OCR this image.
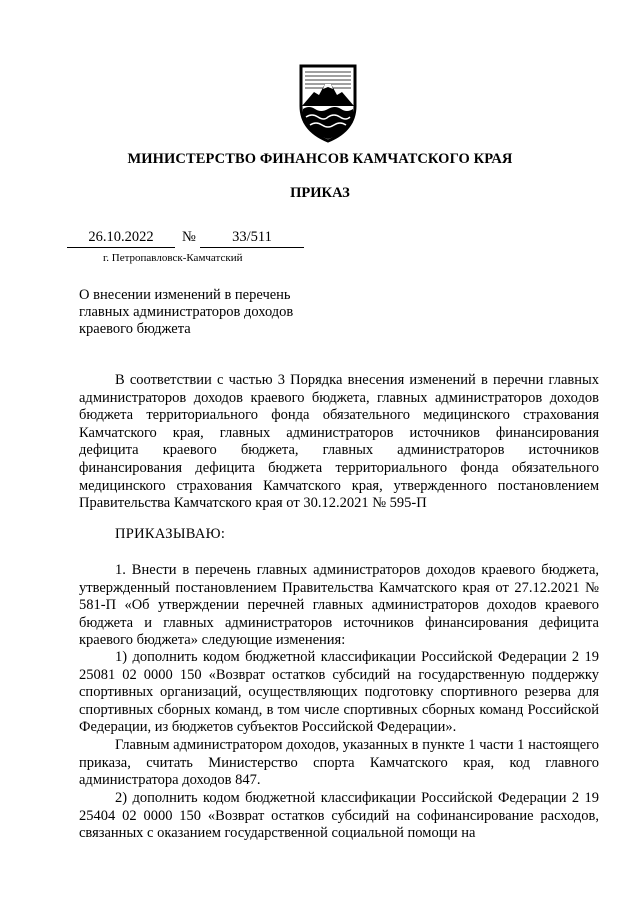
МИНИСТЕРСТВО ФИНАНСОВ КАМЧАТСКОГО КРАЯ
ПРИКАЗ
26.10.2022	№	33/511
г. Петропавловск-Камчатский
О внесении изменений в перечень главных администраторов доходов краевого бюджета
В соответствии с частью 3 Порядка внесения изменений в перечни главных администраторов доходов краевого бюджета, главных администраторов доходов бюджета территориального фонда обязательного медицинского страхования Камчатского края, главных администраторов источников финансирования дефицита краевого бюджета, главных администраторов источников финансирования дефицита бюджета территориального фонда обязательного медицинского страхования Камчатского края, утвержденного постановлением Правительства Камчатского края от 30.12.2021 № 595-П
ПРИКАЗЫВАЮ:
1. Внести в перечень главных администраторов доходов краевого бюджета, утвержденный постановлением Правительства Камчатского края от 27.12.2021 № 581-П «Об утверждении перечней главных администраторов доходов краевого бюджета и главных администраторов источников финансирования дефицита краевого бюджета» следующие изменения:
1) дополнить кодом бюджетной классификации Российской Федерации 2 19 25081 02 0000 150 «Возврат остатков субсидий на государственную поддержку спортивных организаций, осуществляющих подготовку спортивного резерва для спортивных сборных команд, в том числе спортивных сборных команд Российской Федерации, из бюджетов субъектов Российской Федерации».
Главным администратором доходов, указанных в пункте 1 части 1 настоящего приказа, считать Министерство спорта Камчатского края, код главного администратора доходов 847.
2) дополнить кодом бюджетной классификации Российской Федерации 2 19 25404 02 0000 150 «Возврат остатков субсидий на софинансирование расходов, связанных с оказанием государственной социальной помощи на
